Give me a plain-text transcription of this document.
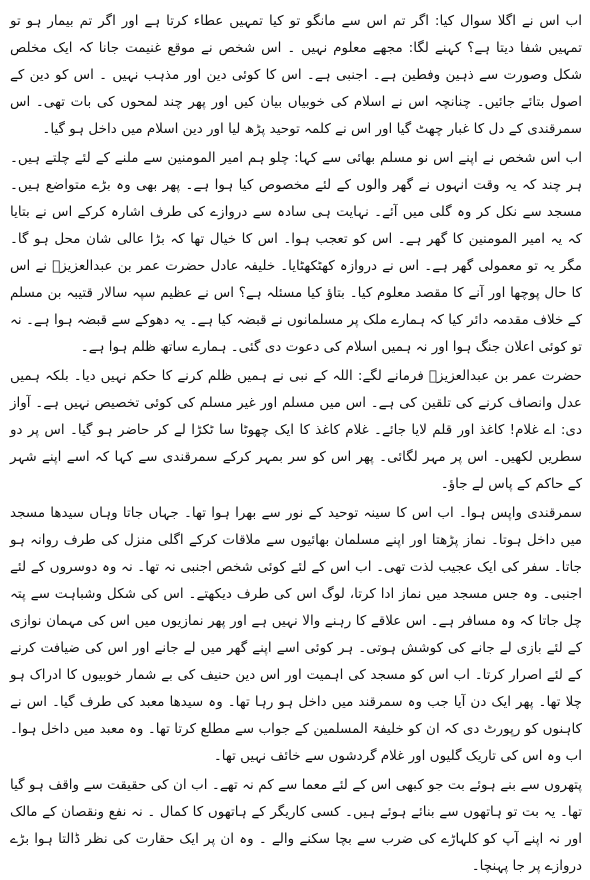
اب اس نے اگلا سوال کیا: اگر تم اس سے مانگو تو کیا تمہیں عطاء کرتا ہے اور اگر تم بیمار ہو تو تمہیں شفا دیتا ہے؟ کہنے لگا: مجھے معلوم نہیں ۔ اس شخص نے موقع غنیمت جانا کہ ایک مخلص شکل وصورت سے ذہین وفطین ہے۔ اجنبی ہے۔ اس کا کوئی دین اور مذہب نہیں ۔ اس کو دین کے اصول بتائے جائیں۔ چنانچہ اس نے اسلام کی خوبیاں بیان کیں اور پھر چند لمحوں کی بات تھی۔ اس سمرقندی کے دل کا غبار چھٹ گیا اور اس نے کلمہ توحید پڑھ لیا اور دین اسلام میں داخل ہو گیا۔

اب اس شخص نے اپنے اس نو مسلم بھائی سے کہا: چلو ہم امیر المومنین سے ملنے کے لئے چلتے ہیں۔ ہر چند کہ یہ وقت انہوں نے گھر والوں کے لئے مخصوص کیا ہوا ہے۔ پھر بھی وہ بڑے متواضع ہیں۔ مسجد سے نکل کر وہ گلی میں آئے۔ نہایت ہی سادہ سے دروازے کی طرف اشارہ کرکے اس نے بتایا کہ یہ امیر المومنین کا گھر ہے۔ اس کو تعجب ہوا۔ اس کا خیال تھا کہ بڑا عالی شان محل ہو گا۔ مگر یہ تو معمولی گھر ہے۔ اس نے دروازہ کھٹکھٹایا۔ خلیفہ عادل حضرت عمر بن عبدالعزیزؒ نے اس کا حال پوچھا اور آنے کا مقصد معلوم کیا۔ بتاؤ کیا مسئلہ ہے؟ اس نے عظیم سپہ سالار قتیبہ بن مسلم کے خلاف مقدمہ دائر کیا کہ ہمارے ملک پر مسلمانوں نے قبضہ کیا ہے۔ یہ دھوکے سے قبضہ ہوا ہے۔ نہ تو کوئی اعلان جنگ ہوا اور نہ ہمیں اسلام کی دعوت دی گئی۔ ہمارے ساتھ ظلم ہوا ہے۔

حضرت عمر بن عبدالعزیزؒ فرمانے لگے: اللہ کے نبی نے ہمیں ظلم کرنے کا حکم نہیں دیا۔ بلکہ ہمیں عدل وانصاف کرنے کی تلقین کی ہے۔ اس میں مسلم اور غیر مسلم کی کوئی تخصیص نہیں ہے۔ آواز دی: اے غلام! کاغذ اور قلم لایا جائے۔ غلام کاغذ کا ایک چھوٹا سا ٹکڑا لے کر حاضر ہو گیا۔ اس پر دو سطریں لکھیں۔ اس پر مہر لگائی۔ پھر اس کو سر بمہر کرکے سمرقندی سے کہا کہ اسے اپنے شہر کے حاکم کے پاس لے جاؤ۔

سمرقندی واپس ہوا۔ اب اس کا سینہ توحید کے نور سے بھرا ہوا تھا۔ جہاں جاتا وہاں سیدھا مسجد میں داخل ہوتا۔ نماز پڑھتا اور اپنے مسلمان بھائیوں سے ملاقات کرکے اگلی منزل کی طرف روانہ ہو جاتا۔ سفر کی ایک عجیب لذت تھی۔ اب اس کے لئے کوئی شخص اجنبی نہ تھا۔ نہ وہ دوسروں کے لئے اجنبی۔ وہ جس مسجد میں نماز ادا کرتا، لوگ اس کی طرف دیکھتے۔ اس کی شکل وشباہت سے پتہ چل جاتا کہ وہ مسافر ہے۔ اس علاقے کا رہنے والا نہیں ہے اور پھر نمازیوں میں اس کی مہمان نوازی کے لئے بازی لے جانے کی کوشش ہوتی۔ ہر کوئی اسے اپنے گھر میں لے جانے اور اس کی ضیافت کرنے کے لئے اصرار کرتا۔ اب اس کو مسجد کی اہمیت اور اس دین حنیف کی بے شمار خوبیوں کا ادراک ہو چلا تھا۔ پھر ایک دن آیا جب وہ سمرقند میں داخل ہو رہا تھا۔ وہ سیدھا معبد کی طرف گیا۔ اس نے کاہنوں کو رپورٹ دی کہ ان کو خلیفۃ المسلمین کے جواب سے مطلع کرتا تھا۔ وہ معبد میں داخل ہوا۔ اب وہ اس کی تاریک گلیوں اور غلام گردشوں سے خائف نہیں تھا۔

پتھروں سے بنے ہوئے بت جو کبھی اس کے لئے معما سے کم نہ تھے۔ اب ان کی حقیقت سے واقف ہو گیا تھا۔ یہ بت تو ہاتھوں سے بنائے ہوئے ہیں۔ کسی کاریگر کے ہاتھوں کا کمال ۔ نہ نفع ونقصان کے مالک اور نہ اپنے آپ کو کلہاڑے کی ضرب سے بچا سکنے والے ۔ وہ ان پر ایک حقارت کی نظر ڈالتا ہوا بڑے دروازے پر جا پہنچا۔
